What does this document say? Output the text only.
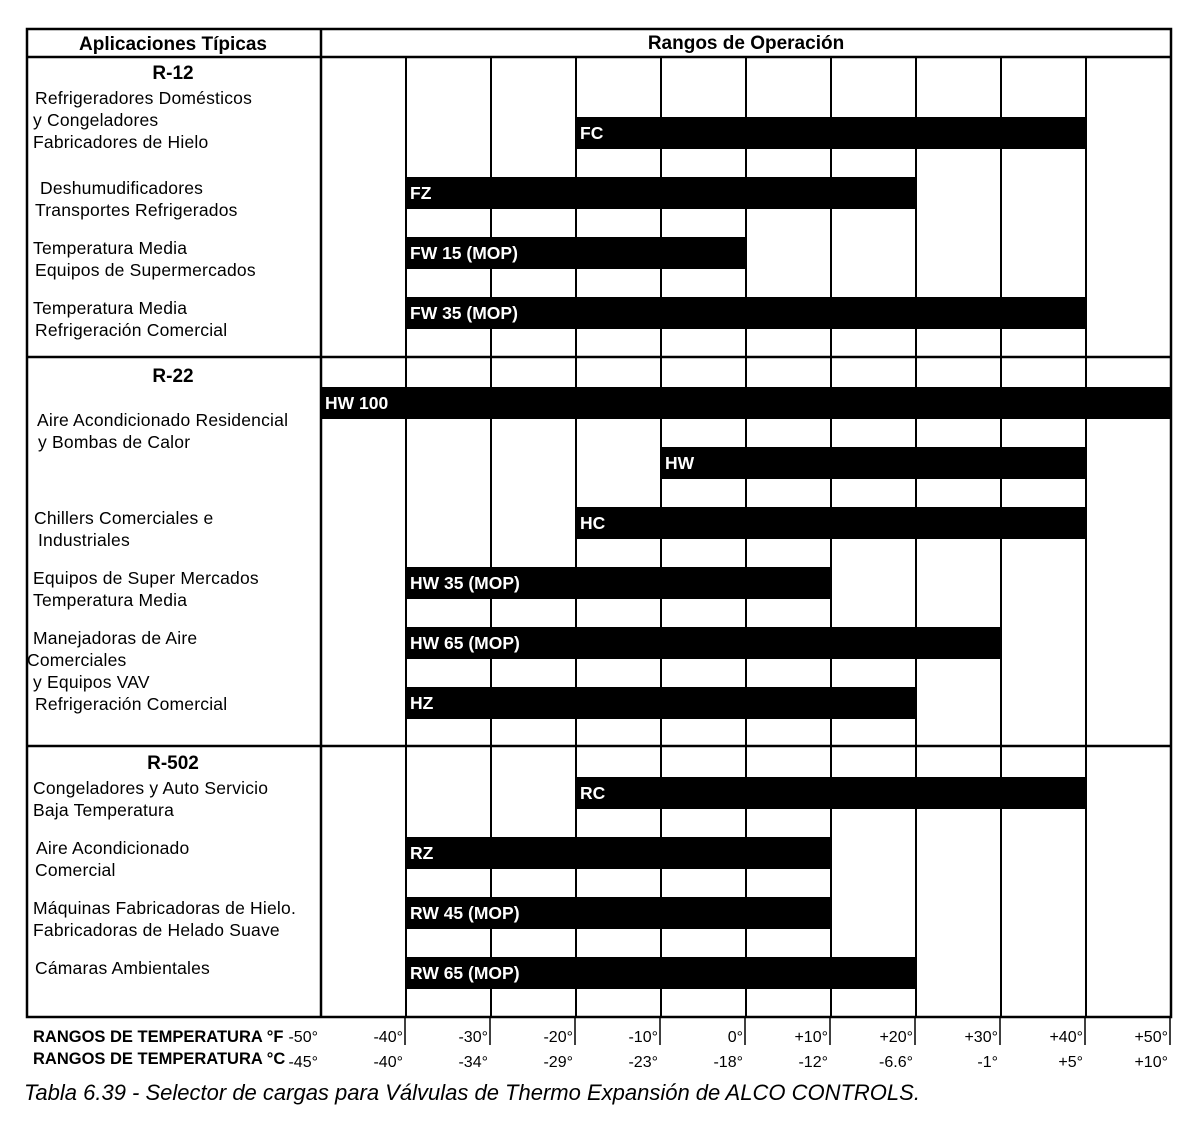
Aplicaciones Típicas	Rangos de Operación
RANGOS DE TEMPERATURA °F
RANGOS DE TEMPERATURA °C
FC
FZ
FW 15 (MOP)
FW 35 (MOP)
R-12
Refrigeradores Domésticos
y Congeladores
Fabricadores de Hielo
Deshumudificadores
Transportes Refrigerados
Temperatura Media
Equipos de Supermercados
Temperatura Media
Refrigeración Comercial
HW 100
HW
HC
HW 35 (MOP)
HW 65 (MOP)
HZ
R-22
Aire Acondicionado Residencial
y Bombas de Calor
Chillers Comerciales e
Industriales
Equipos de Super Mercados
Temperatura Media
Manejadoras de Aire
Comerciales
y Equipos VAV
Refrigeración Comercial
RC
RZ
RW 45 (MOP)
RW 65 (MOP)
R-502
Congeladores y Auto Servicio
Baja Temperatura
Aire Acondicionado
Comercial
Máquinas Fabricadoras de Hielo.
Fabricadoras de Helado Suave
Cámaras Ambientales
-50°
-45°
-40°
-40°
-30°
-34°
-20°
-29°
-10°
-23°
0°
-18°
+10°
-12°
+20°
-6.6°
+30°
-1°
+40°
+5°
+50°
+10°
Tabla 6.39 - Selector de cargas para Válvulas de Thermo Expansión de ALCO CONTROLS.
